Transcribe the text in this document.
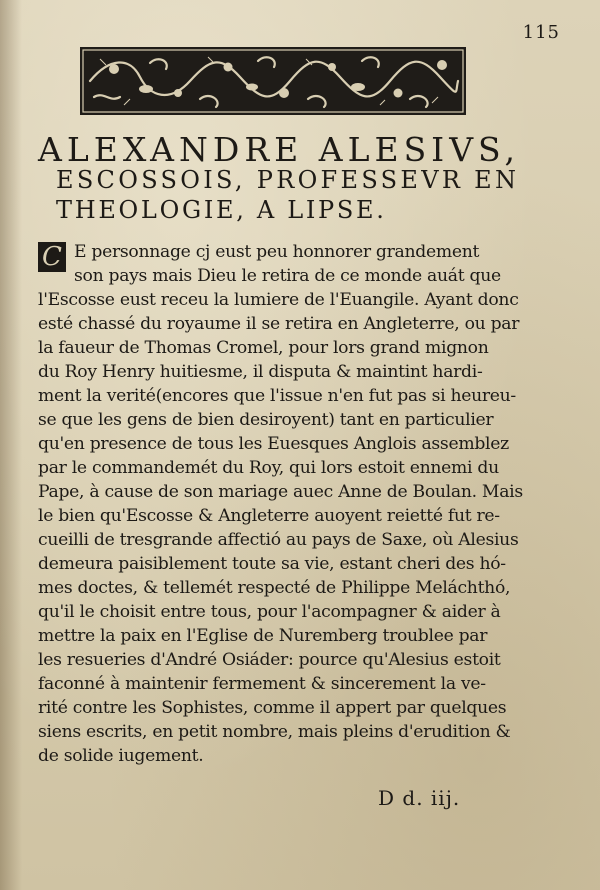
115
ALEXANDRE ALESIVS,
ESCOSSOIS, PROFESSEVR EN
THEOLOGIE, A LIPSE.
C E personnage cj eust peu honnorer grandement
son pays mais Dieu le retira de ce monde auát que
l'Escosse eust receu la lumiere de l'Euangile. Ayant donc
esté chassé du royaume il se retira en Angleterre, ou par
la faueur de Thomas Cromel, pour lors grand mignon
du Roy Henry huitiesme, il disputa & maintint hardi-
ment la verité(encores que l'issue n'en fut pas si heureu-
se que les gens de bien desiroyent) tant en particulier
qu'en presence de tous les Euesques Anglois assemblez
par le commandemét du Roy, qui lors estoit ennemi du
Pape, à cause de son mariage auec Anne de Boulan. Mais
le bien qu'Escosse & Angleterre auoyent reietté fut re-
cueilli de tresgrande affectió au pays de Saxe, où Alesius
demeura paisiblement toute sa vie, estant cheri des hó-
mes doctes, & tellemét respecté de Philippe Meláchthó,
qu'il le choisit entre tous, pour l'acompagner & aider à
mettre la paix en l'Eglise de Nuremberg troublee par
les resueries d'André Osiáder: pource qu'Alesius estoit
faconné à maintenir fermement & sincerement la ve-
rité contre les Sophistes, comme il appert par quelques
siens escrits, en petit nombre, mais pleins d'erudition &
de solide iugement.
D d. iij.
